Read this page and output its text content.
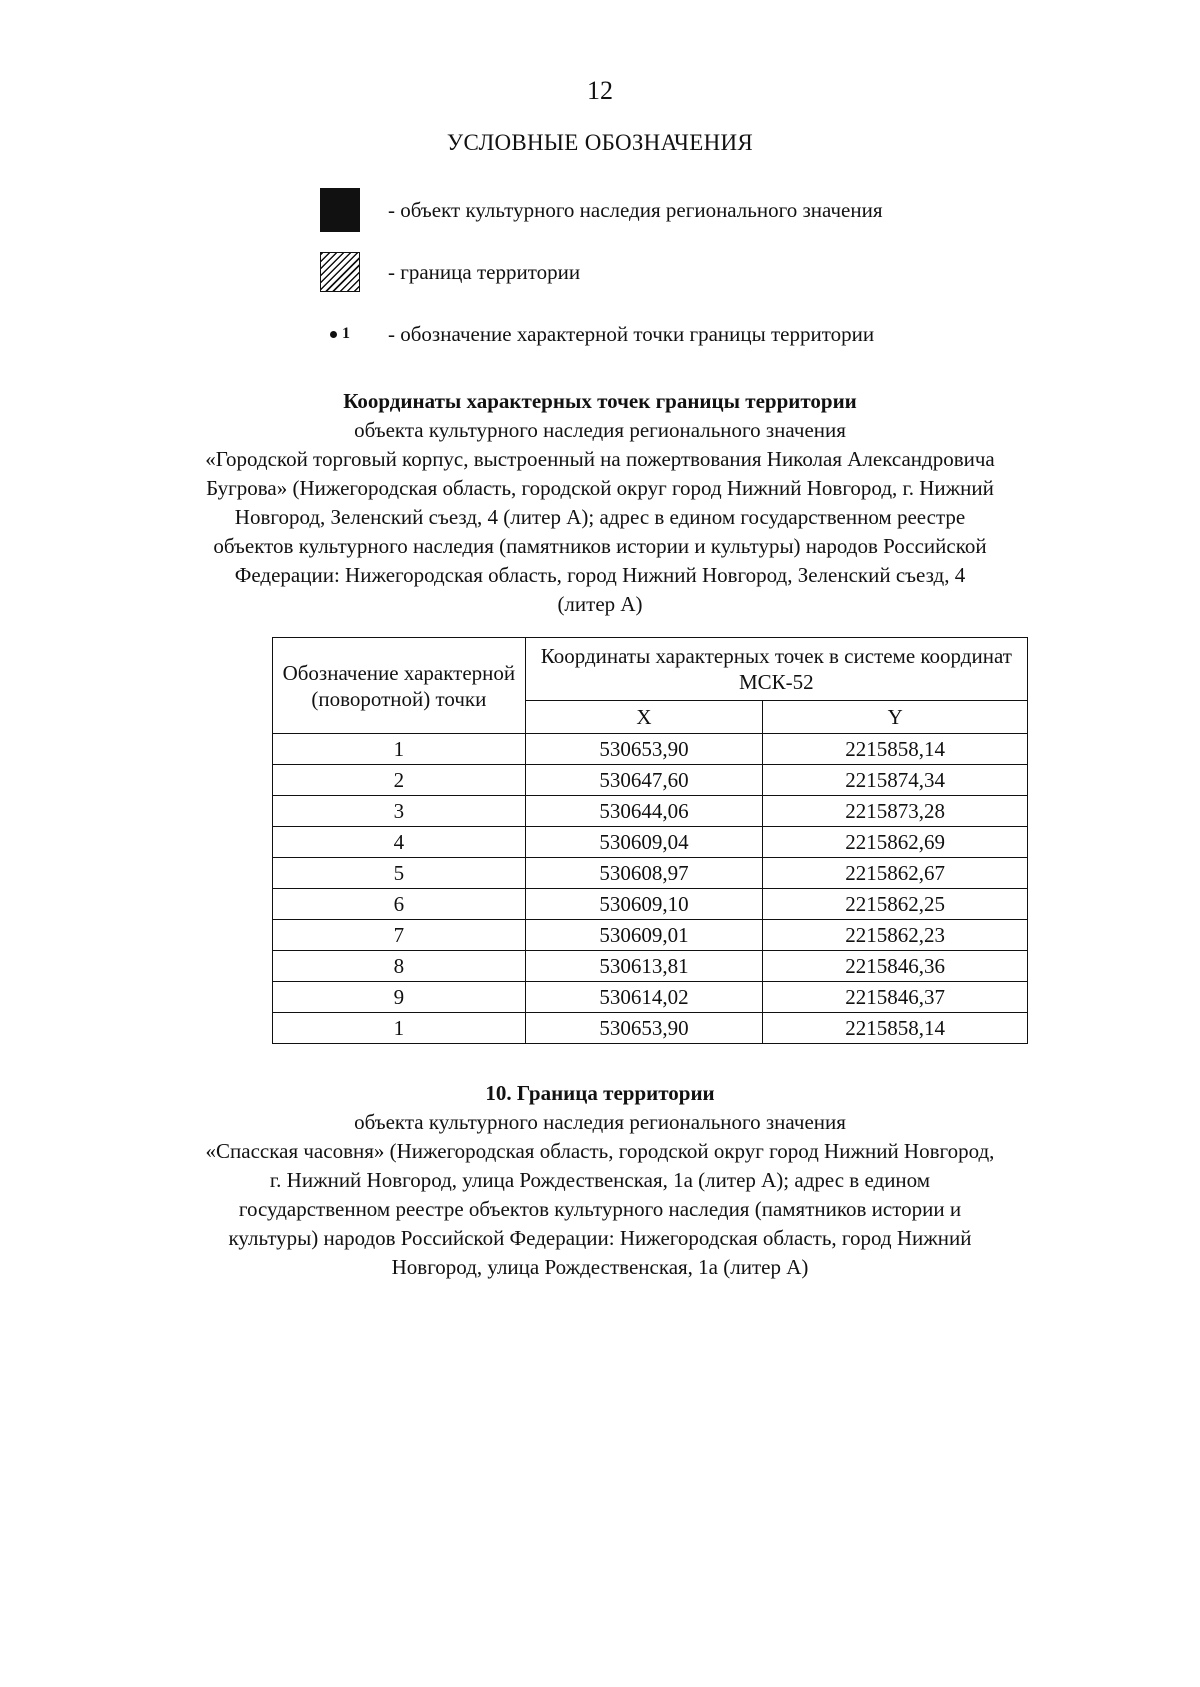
12
УСЛОВНЫЕ ОБОЗНАЧЕНИЯ
- объект культурного наследия регионального значения
- граница территории
1 - обозначение характерной точки границы территории
Координаты характерных точек границы территории
объекта культурного наследия регионального значения
«Городской торговый корпус, выстроенный на пожертвования Николая Александровича
Бугрова» (Нижегородская область, городской округ город Нижний Новгород, г. Нижний
Новгород, Зеленский съезд, 4 (литер А); адрес в едином государственном реестре
объектов культурного наследия (памятников истории и культуры) народов Российской
Федерации: Нижегородская область, город Нижний Новгород, Зеленский съезд, 4
(литер А)
Обозначение характерной (поворотной) точки	Координаты характерных точек в системе координат МСК-52	
	X	Y
1	530653,90	2215858,14
2	530647,60	2215874,34
3	530644,06	2215873,28
4	530609,04	2215862,69
5	530608,97	2215862,67
6	530609,10	2215862,25
7	530609,01	2215862,23
8	530613,81	2215846,36
9	530614,02	2215846,37
1	530653,90	2215858,14
10. Граница территории
объекта культурного наследия регионального значения
«Спасская часовня» (Нижегородская область, городской округ город Нижний Новгород,
г. Нижний Новгород, улица Рождественская, 1а (литер А); адрес в едином
государственном реестре объектов культурного наследия (памятников истории и
культуры) народов Российской Федерации: Нижегородская область, город Нижний
Новгород, улица Рождественская, 1а (литер А)
